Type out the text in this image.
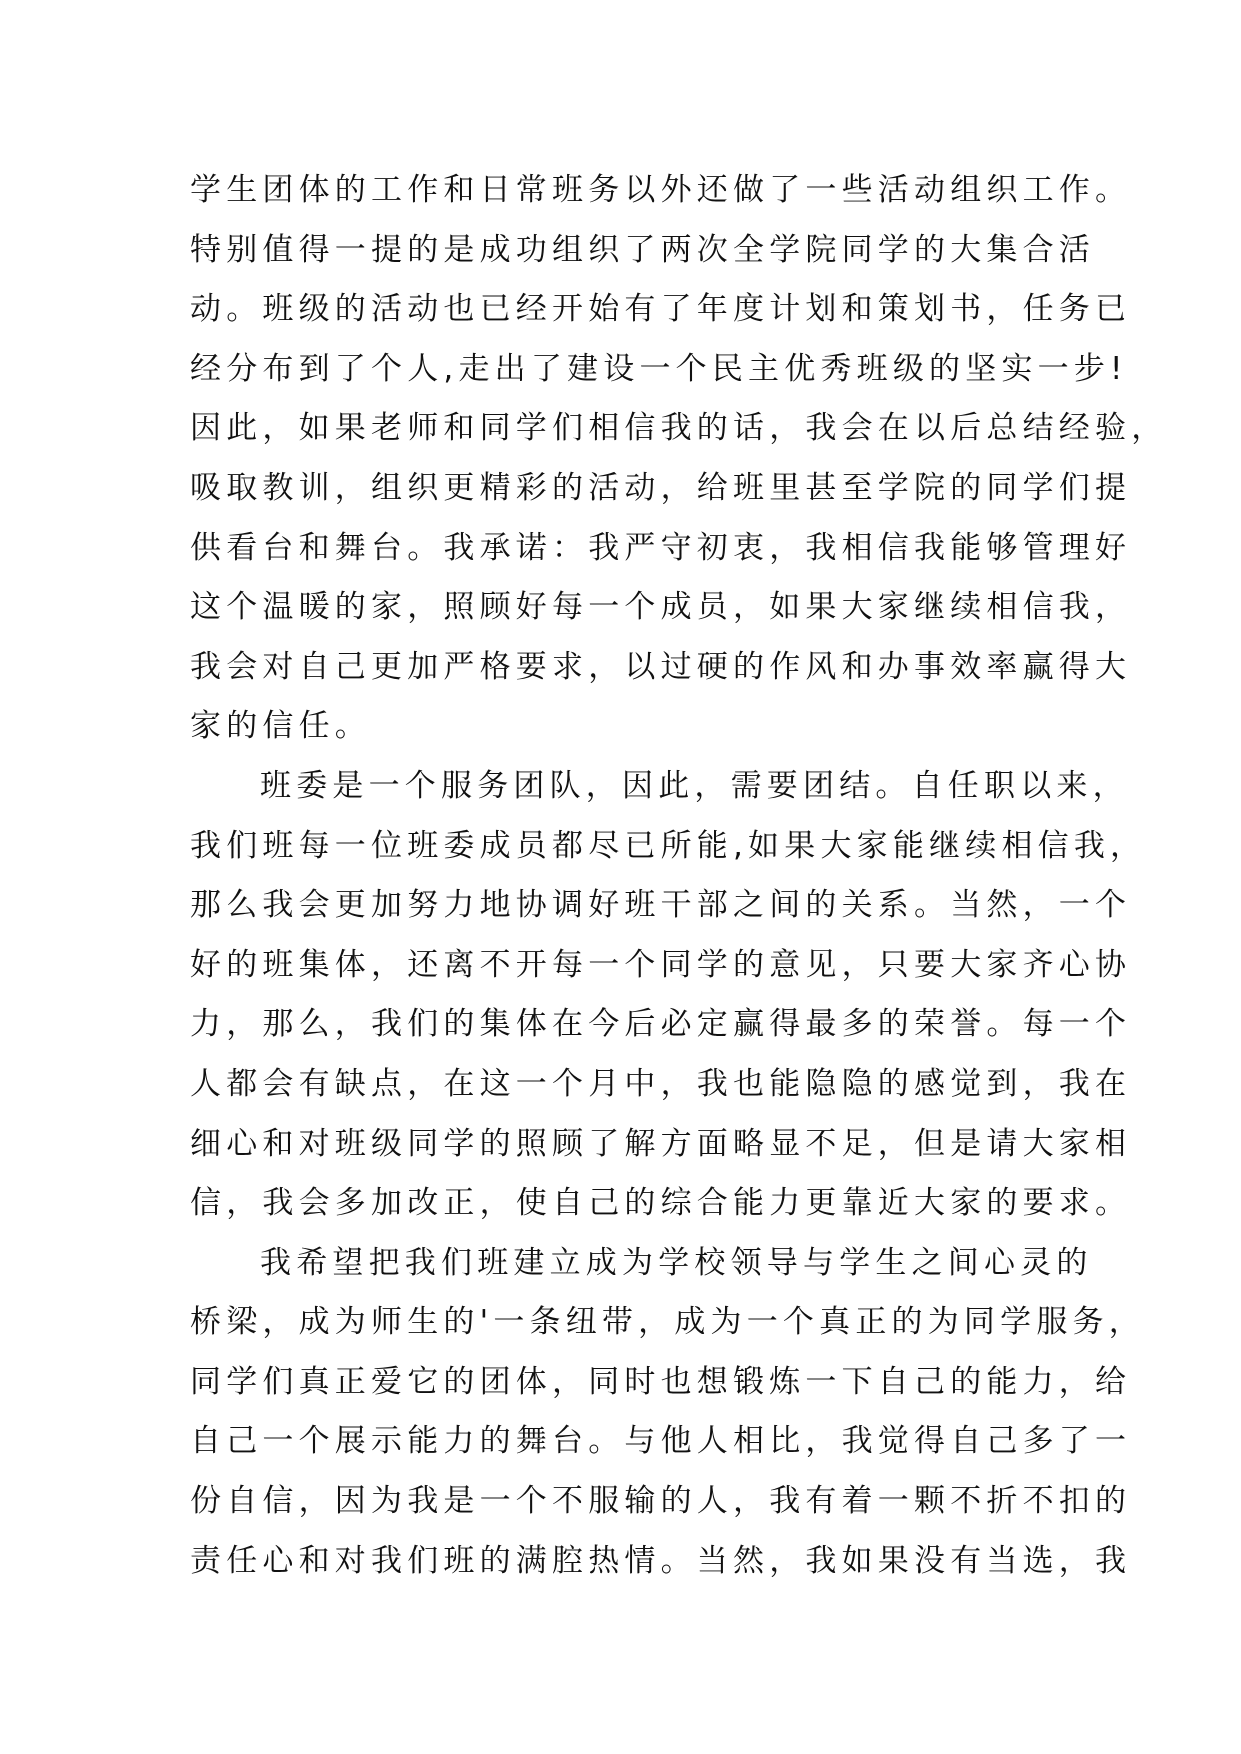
学生团体的工作和日常班务以外还做了一些活动组织工作。
特别值得一提的是成功组织了两次全学院同学的大集合活
动。班级的活动也已经开始有了年度计划和策划书，任务已
经分布到了个人,走出了建设一个民主优秀班级的坚实一步!
因此，如果老师和同学们相信我的话，我会在以后总结经验，
吸取教训，组织更精彩的活动，给班里甚至学院的同学们提
供看台和舞台。我承诺：我严守初衷，我相信我能够管理好
这个温暖的家，照顾好每一个成员，如果大家继续相信我，
我会对自己更加严格要求，以过硬的作风和办事效率赢得大
家的信任。
班委是一个服务团队，因此，需要团结。自任职以来，
我们班每一位班委成员都尽已所能,如果大家能继续相信我，
那么我会更加努力地协调好班干部之间的关系。当然，一个
好的班集体，还离不开每一个同学的意见，只要大家齐心协
力，那么，我们的集体在今后必定赢得最多的荣誉。每一个
人都会有缺点，在这一个月中，我也能隐隐的感觉到，我在
细心和对班级同学的照顾了解方面略显不足，但是请大家相
信，我会多加改正，使自己的综合能力更靠近大家的要求。
我希望把我们班建立成为学校领导与学生之间心灵的
桥梁，成为师生的'一条纽带，成为一个真正的为同学服务，
同学们真正爱它的团体，同时也想锻炼一下自己的能力，给
自己一个展示能力的舞台。与他人相比，我觉得自己多了一
份自信，因为我是一个不服输的人，我有着一颗不折不扣的
责任心和对我们班的满腔热情。当然，我如果没有当选，我
